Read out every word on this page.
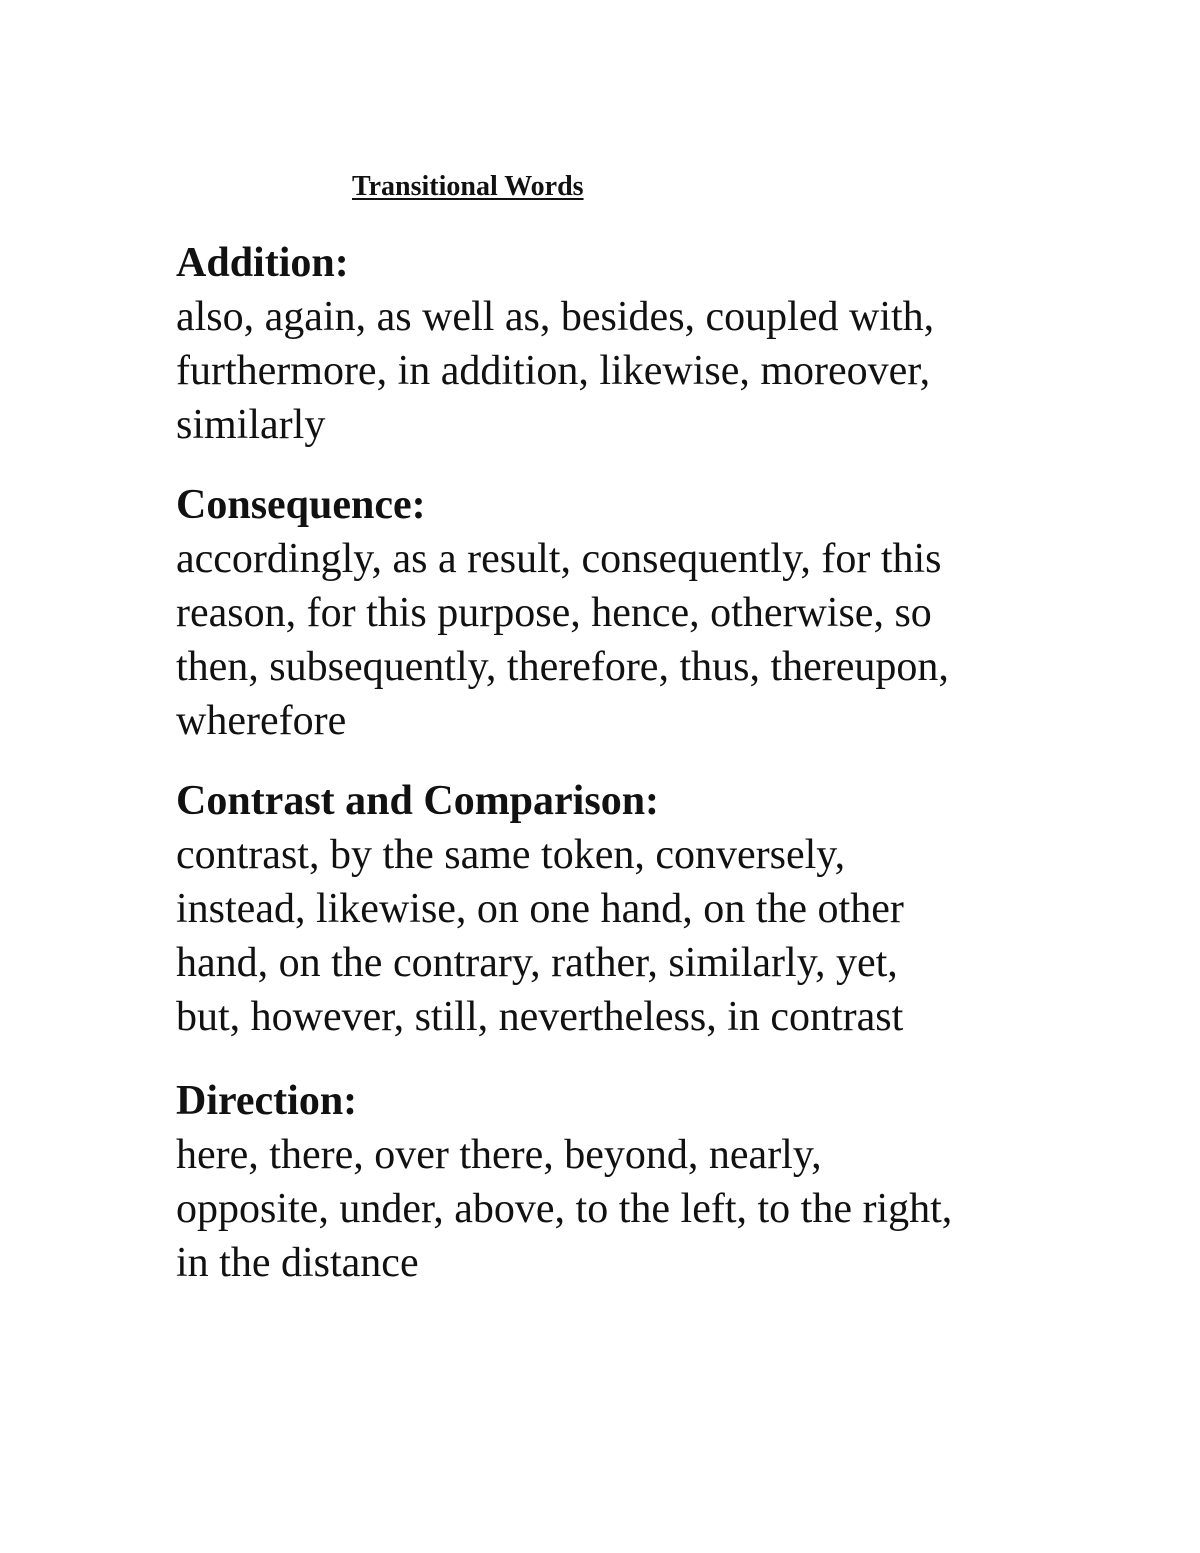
Transitional Words
Addition:
also, again, as well as, besides, coupled with,
furthermore, in addition, likewise, moreover,
similarly
Consequence:
accordingly, as a result, consequently, for this
reason, for this purpose, hence, otherwise, so
then, subsequently, therefore, thus, thereupon,
wherefore
Contrast and Comparison:
contrast, by the same token, conversely,
instead, likewise, on one hand, on the other
hand, on the contrary, rather, similarly, yet,
but, however, still, nevertheless, in contrast
Direction:
here, there, over there, beyond, nearly,
opposite, under, above, to the left, to the right,
in the distance
